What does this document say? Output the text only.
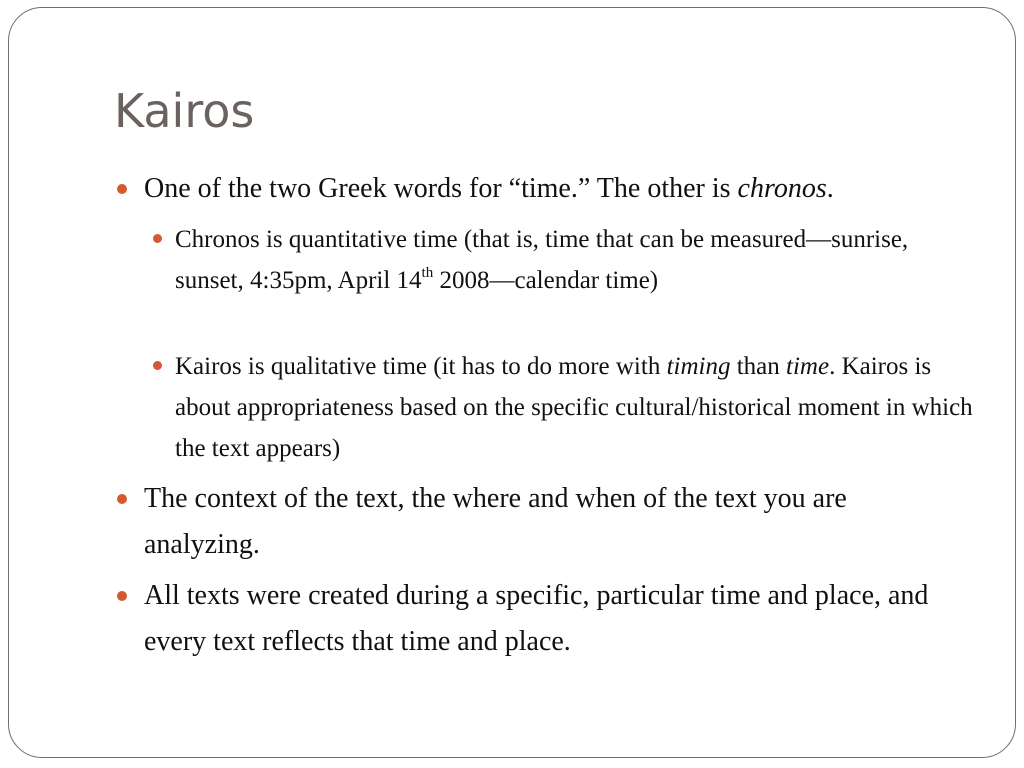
Kairos
One of the two Greek words for “time.” The other is chronos.
Chronos is quantitative time (that is, time that can be measured—sunrise, sunset, 4:35pm, April 14th 2008—calendar time)
Kairos is qualitative time (it has to do more with timing than time. Kairos is about appropriateness based on the specific cultural/historical moment in which the text appears)
The context of the text, the where and when of the text you are analyzing.
All texts were created during a specific, particular time and place, and every text reflects that time and place.
